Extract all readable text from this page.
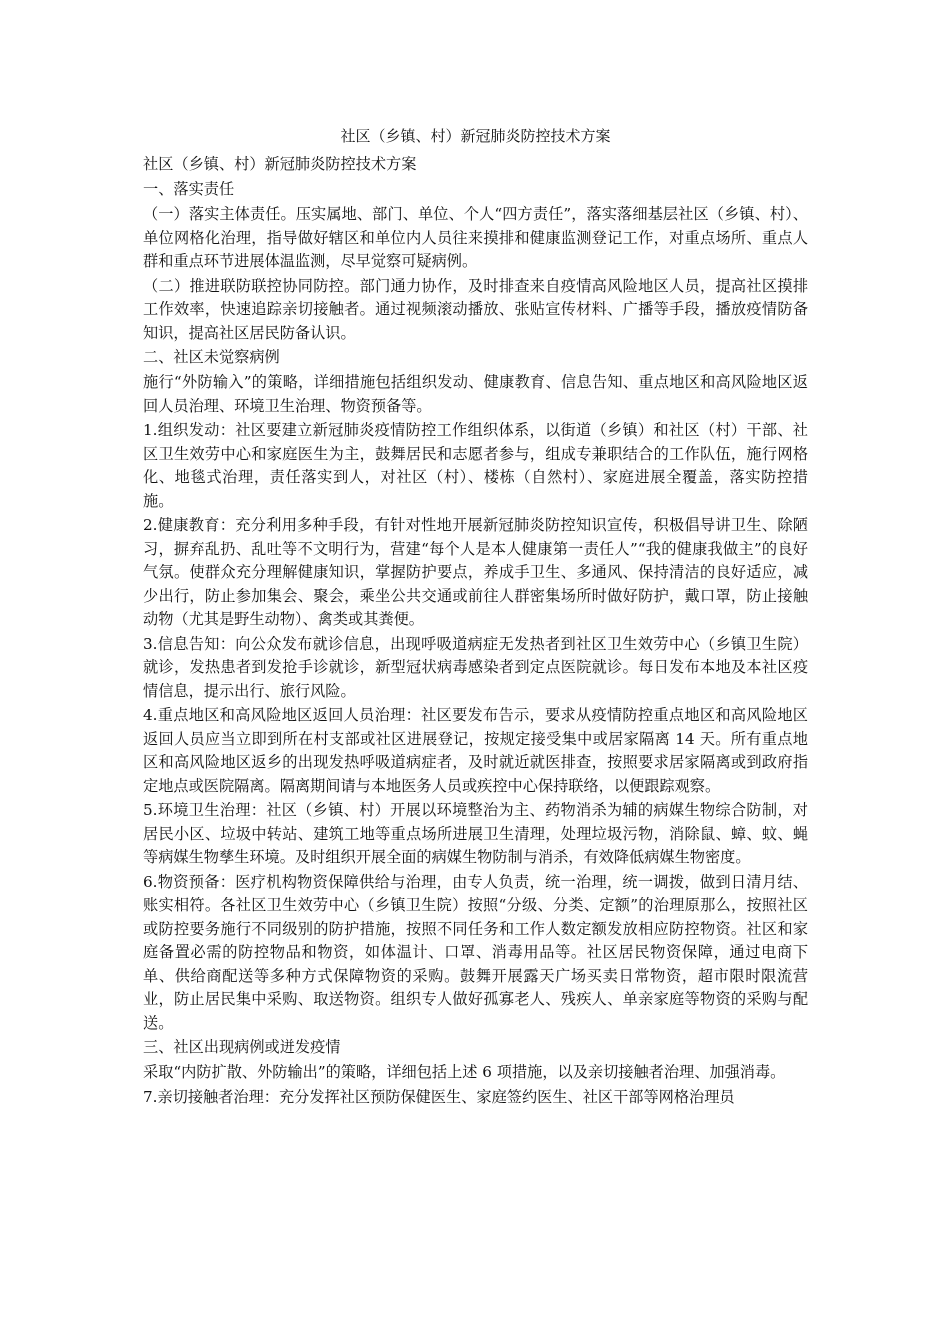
社区（乡镇、村）新冠肺炎防控技术方案

社区（乡镇、村）新冠肺炎防控技术方案

一、落实责任

（一）落实主体责任。压实属地、部门、单位、个人“四方责任”，落实落细基层社区（乡镇、村）、单位网格化治理，指导做好辖区和单位内人员往来摸排和健康监测登记工作，对重点场所、重点人群和重点环节进展体温监测，尽早觉察可疑病例。

（二）推进联防联控协同防控。部门通力协作，及时排查来自疫情高风险地区人员，提高社区摸排工作效率，快速追踪亲切接触者。通过视频滚动播放、张贴宣传材料、广播等手段，播放疫情防备知识，提高社区居民防备认识。

二、社区未觉察病例

施行“外防输入”的策略，详细措施包括组织发动、健康教育、信息告知、重点地区和高风险地区返回人员治理、环境卫生治理、物资预备等。

1.组织发动：社区要建立新冠肺炎疫情防控工作组织体系，以街道（乡镇）和社区（村）干部、社区卫生效劳中心和家庭医生为主，鼓舞居民和志愿者参与，组成专兼职结合的工作队伍，施行网格化、地毯式治理，责任落实到人，对社区（村）、楼栋（自然村）、家庭进展全覆盖，落实防控措施。

2.健康教育：充分利用多种手段，有针对性地开展新冠肺炎防控知识宣传，积极倡导讲卫生、除陋习，摒弃乱扔、乱吐等不文明行为，营建“每个人是本人健康第一责任人”“我的健康我做主”的良好气氛。使群众充分理解健康知识，掌握防护要点，养成手卫生、多通风、保持清洁的良好适应，减少出行，防止参加集会、聚会，乘坐公共交通或前往人群密集场所时做好防护，戴口罩，防止接触动物（尤其是野生动物）、禽类或其粪便。

3.信息告知：向公众发布就诊信息，出现呼吸道病症无发热者到社区卫生效劳中心（乡镇卫生院）就诊，发热患者到发抢手诊就诊，新型冠状病毒感染者到定点医院就诊。每日发布本地及本社区疫情信息，提示出行、旅行风险。

4.重点地区和高风险地区返回人员治理：社区要发布告示，要求从疫情防控重点地区和高风险地区返回人员应当立即到所在村支部或社区进展登记，按规定接受集中或居家隔离 14 天。所有重点地区和高风险地区返乡的出现发热呼吸道病症者，及时就近就医排查，按照要求居家隔离或到政府指定地点或医院隔离。隔离期间请与本地医务人员或疾控中心保持联络，以便跟踪观察。

5.环境卫生治理：社区（乡镇、村）开展以环境整治为主、药物消杀为辅的病媒生物综合防制，对居民小区、垃圾中转站、建筑工地等重点场所进展卫生清理，处理垃圾污物，消除鼠、蟑、蚊、蝇等病媒生物孳生环境。及时组织开展全面的病媒生物防制与消杀，有效降低病媒生物密度。

6.物资预备：医疗机构物资保障供给与治理，由专人负责，统一治理，统一调拨，做到日清月结、账实相符。各社区卫生效劳中心（乡镇卫生院）按照“分级、分类、定额”的治理原那么，按照社区或防控要务施行不同级别的防护措施，按照不同任务和工作人数定额发放相应防控物资。社区和家庭备置必需的防控物品和物资，如体温计、口罩、消毒用品等。社区居民物资保障，通过电商下单、供给商配送等多种方式保障物资的采购。鼓舞开展露天广场买卖日常物资，超市限时限流营业，防止居民集中采购、取送物资。组织专人做好孤寡老人、残疾人、单亲家庭等物资的采购与配送。

三、社区出现病例或迸发疫情

采取“内防扩散、外防输出”的策略，详细包括上述 6 项措施，以及亲切接触者治理、加强消毒。

7.亲切接触者治理：充分发挥社区预防保健医生、家庭签约医生、社区干部等网格治理员
